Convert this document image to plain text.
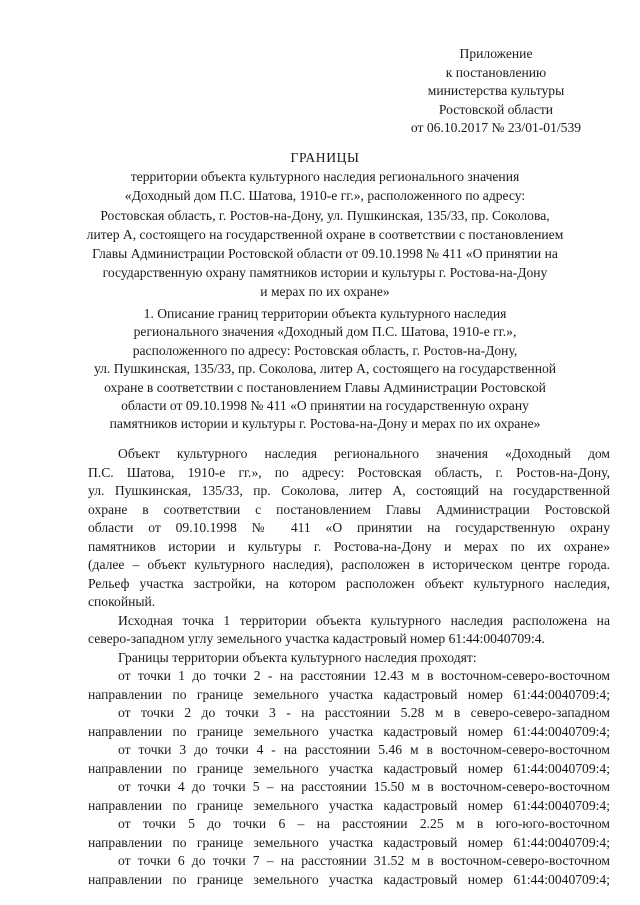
Приложение
к постановлению
министерства культуры
Ростовской области
от 06.10.2017 № 23/01-01/539
ГРАНИЦЫ
территории объекта культурного наследия регионального значения
«Доходный дом П.С. Шатова, 1910-е гг.», расположенного по адресу:
Ростовская область, г. Ростов-на-Дону, ул. Пушкинская, 135/33, пр. Соколова,
литер А, состоящего на государственной охране в соответствии с постановлением
Главы Администрации Ростовской области от 09.10.1998 № 411 «О принятии на
государственную охрану памятников истории и культуры г. Ростова-на-Дону
и мерах по их охране»
1. Описание границ территории объекта культурного наследия
регионального значения «Доходный дом П.С. Шатова, 1910-е гг.»,
расположенного по адресу: Ростовская область, г. Ростов-на-Дону,
ул. Пушкинская, 135/33, пр. Соколова, литер А, состоящего на государственной
охране в соответствии с постановлением Главы Администрации Ростовской
области от 09.10.1998 № 411 «О принятии на государственную охрану
памятников истории и культуры г. Ростова-на-Дону и мерах по их охране»
Объект культурного наследия регионального значения «Доходный дом
П.С. Шатова, 1910-е гг.», по адресу: Ростовская область, г. Ростов-на-Дону,
ул. Пушкинская, 135/33, пр. Соколова, литер А, состоящий на государственной
охране в соответствии с постановлением Главы Администрации Ростовской
области от 09.10.1998 № 411 «О принятии на государственную охрану
памятников истории и культуры г. Ростова-на-Дону и мерах по их охране»
(далее – объект культурного наследия), расположен в историческом центре города.
Рельеф участка застройки, на котором расположен объект культурного наследия,
спокойный.
Исходная точка 1 территории объекта культурного наследия расположена на
северо-западном углу земельного участка кадастровый номер 61:44:0040709:4.
Границы территории объекта культурного наследия проходят:
от точки 1 до точки 2 - на расстоянии 12.43 м в восточном-северо-восточном
направлении по границе земельного участка кадастровый номер 61:44:0040709:4;
от точки 2 до точки 3 - на расстоянии 5.28 м в северо-северо-западном
направлении по границе земельного участка кадастровый номер 61:44:0040709:4;
от точки 3 до точки 4 - на расстоянии 5.46 м в восточном-северо-восточном
направлении по границе земельного участка кадастровый номер 61:44:0040709:4;
от точки 4 до точки 5 – на расстоянии 15.50 м в восточном-северо-восточном
направлении по границе земельного участка кадастровый номер 61:44:0040709:4;
от точки 5 до точки 6 – на расстоянии 2.25 м в юго-юго-восточном
направлении по границе земельного участка кадастровый номер 61:44:0040709:4;
от точки 6 до точки 7 – на расстоянии 31.52 м в восточном-северо-восточном
направлении по границе земельного участка кадастровый номер 61:44:0040709:4;
